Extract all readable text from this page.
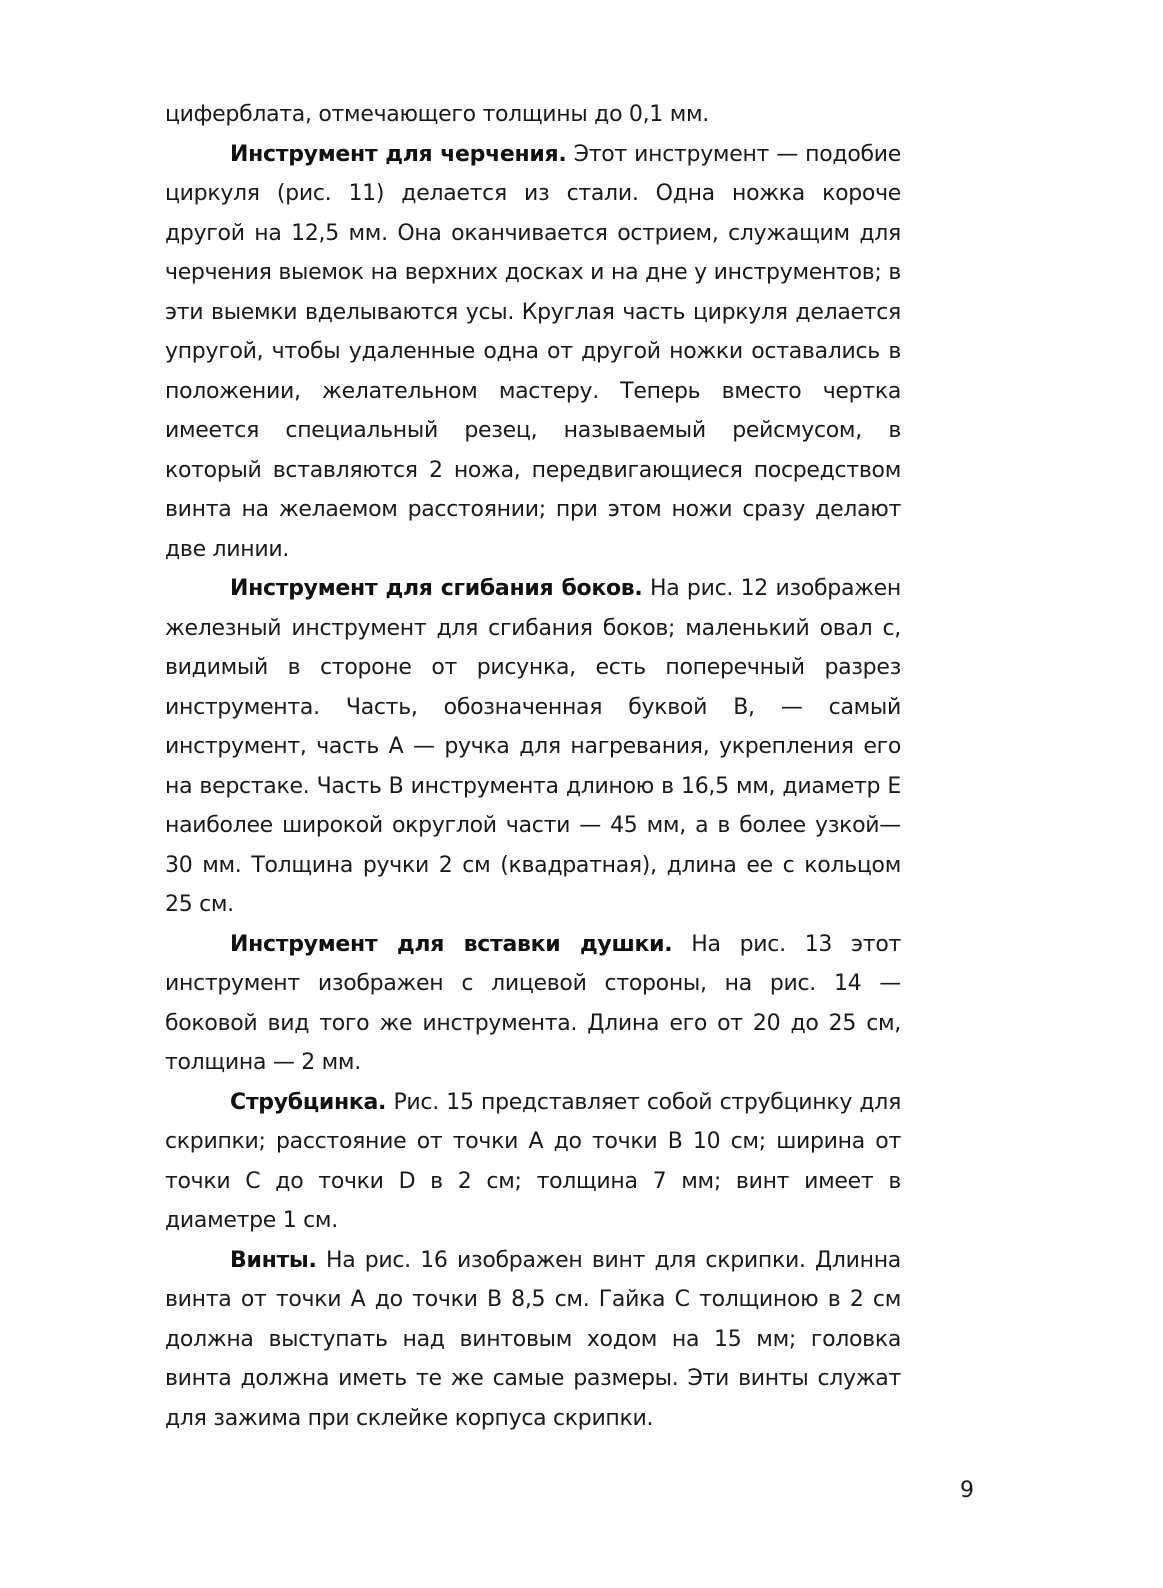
циферблата, отмечающего толщины до 0,1 мм.

Инструмент для черчения. Этот инструмент — подобие циркуля (рис. 11) делается из стали. Одна ножка короче другой на 12,5 мм. Она оканчивается острием, служащим для черчения выемок на верхних досках и на дне у инструментов; в эти выемки вделываются усы. Круглая часть циркуля делается упругой, чтобы удаленные одна от другой ножки оставались в положении, желательном мастеру. Теперь вместо чертка имеется специальный резец, называемый рейсмусом, в который вставляются 2 ножа, передвигающиеся посредством винта на желаемом расстоянии; при этом ножи сразу делают две линии.

Инструмент для сгибания боков. На рис. 12 изображен железный инструмент для сгибания боков; маленький овал с, видимый в стороне от рисунка, есть поперечный разрез инструмента. Часть, обозначенная буквой В, — самый инструмент, часть А — ручка для нагревания, укрепления его на верстаке. Часть В инструмента длиною в 16,5 мм, диаметр Е наиболее широкой округлой части — 45 мм, а в более узкой—30 мм. Толщина ручки 2 см (квадратная), длина ее с кольцом 25 см.

Инструмент для вставки душки. На рис. 13 этот инструмент изображен с лицевой стороны, на рис. 14 — боковой вид того же инструмента. Длина его от 20 до 25 см, толщина — 2 мм.

Струбцинка. Рис. 15 представляет собой струбцинку для скрипки; расстояние от точки А до точки В 10 см; ширина от точки С до точки D в 2 см; толщина 7 мм; винт имеет в диаметре 1 см.

Винты. На рис. 16 изображен винт для скрипки. Длинна винта от точки А до точки В 8,5 см. Гайка С толщиною в 2 см должна выступать над винтовым ходом на 15 мм; головка винта должна иметь те же самые размеры. Эти винты служат для зажима при склейке корпуса скрипки.

9
